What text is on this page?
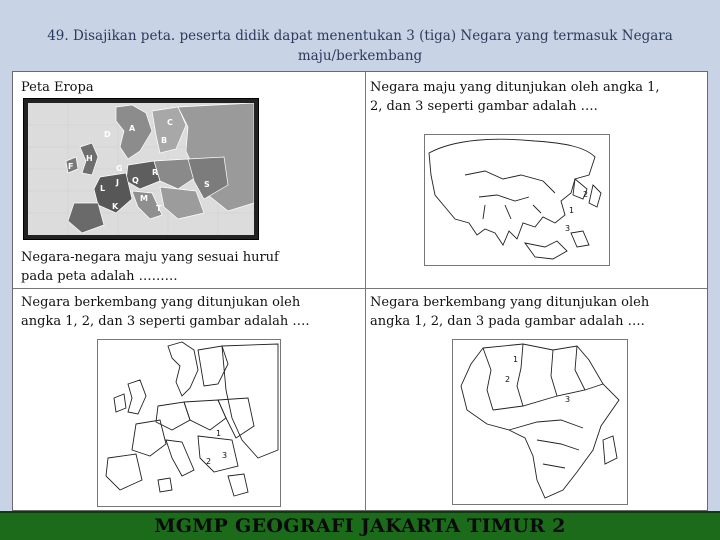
49. Disajikan peta. peserta didik dapat menentukan 3 (tiga) Negara yang termasuk Negara
maju/berkembang
Peta Eropa
A
C
B
D
F
H
G
J Q
R
L	S
K
M
T
Negara-negara maju yang sesuai huruf
pada peta adalah ………
Negara maju yang ditunjukan oleh angka 1,
2, dan 3 seperti gambar adalah ….
2
1
3
Negara berkembang yang ditunjukan oleh
angka 1, 2, dan 3 seperti gambar adalah ….
1
2
3
Negara berkembang yang ditunjukan oleh
angka 1, 2, dan 3 pada gambar adalah ….
1
2
3
MGMP GEOGRAFI JAKARTA TIMUR 2
